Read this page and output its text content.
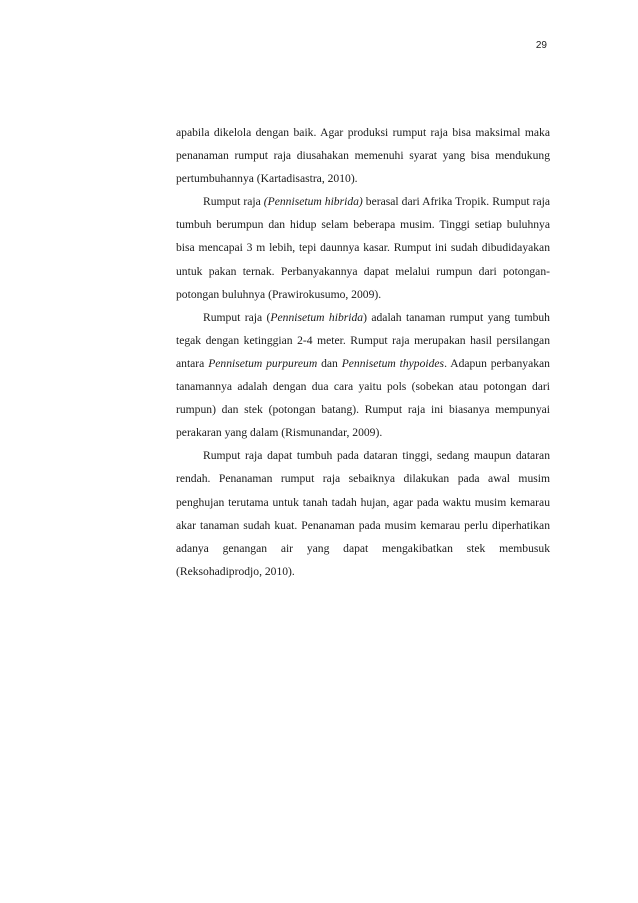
29

apabila dikelola dengan baik. Agar produksi rumput raja bisa maksimal maka penanaman rumput raja diusahakan memenuhi syarat yang bisa mendukung pertumbuhannya (Kartadisastra, 2010).

Rumput raja (Pennisetum hibrida) berasal dari Afrika Tropik. Rumput raja tumbuh berumpun dan hidup selam beberapa musim. Tinggi setiap buluhnya bisa mencapai 3 m lebih, tepi daunnya kasar. Rumput ini sudah dibudidayakan untuk pakan ternak. Perbanyakannya dapat melalui rumpun dari potongan-potongan buluhnya (Prawirokusumo, 2009).

Rumput raja (Pennisetum hibrida) adalah tanaman rumput yang tumbuh tegak dengan ketinggian 2-4 meter. Rumput raja merupakan hasil persilangan antara Pennisetum purpureum dan Pennisetum thypoides. Adapun perbanyakan tanamannya adalah dengan dua cara yaitu pols (sobekan atau potongan dari rumpun) dan stek (potongan batang). Rumput raja ini biasanya mempunyai perakaran yang dalam (Rismunandar, 2009).

Rumput raja dapat tumbuh pada dataran tinggi, sedang maupun dataran rendah. Penanaman rumput raja sebaiknya dilakukan pada awal musim penghujan terutama untuk tanah tadah hujan, agar pada waktu musim kemarau akar tanaman sudah kuat. Penanaman pada musim kemarau perlu diperhatikan adanya genangan air yang dapat mengakibatkan stek membusuk (Reksohadiprodjo, 2010).
